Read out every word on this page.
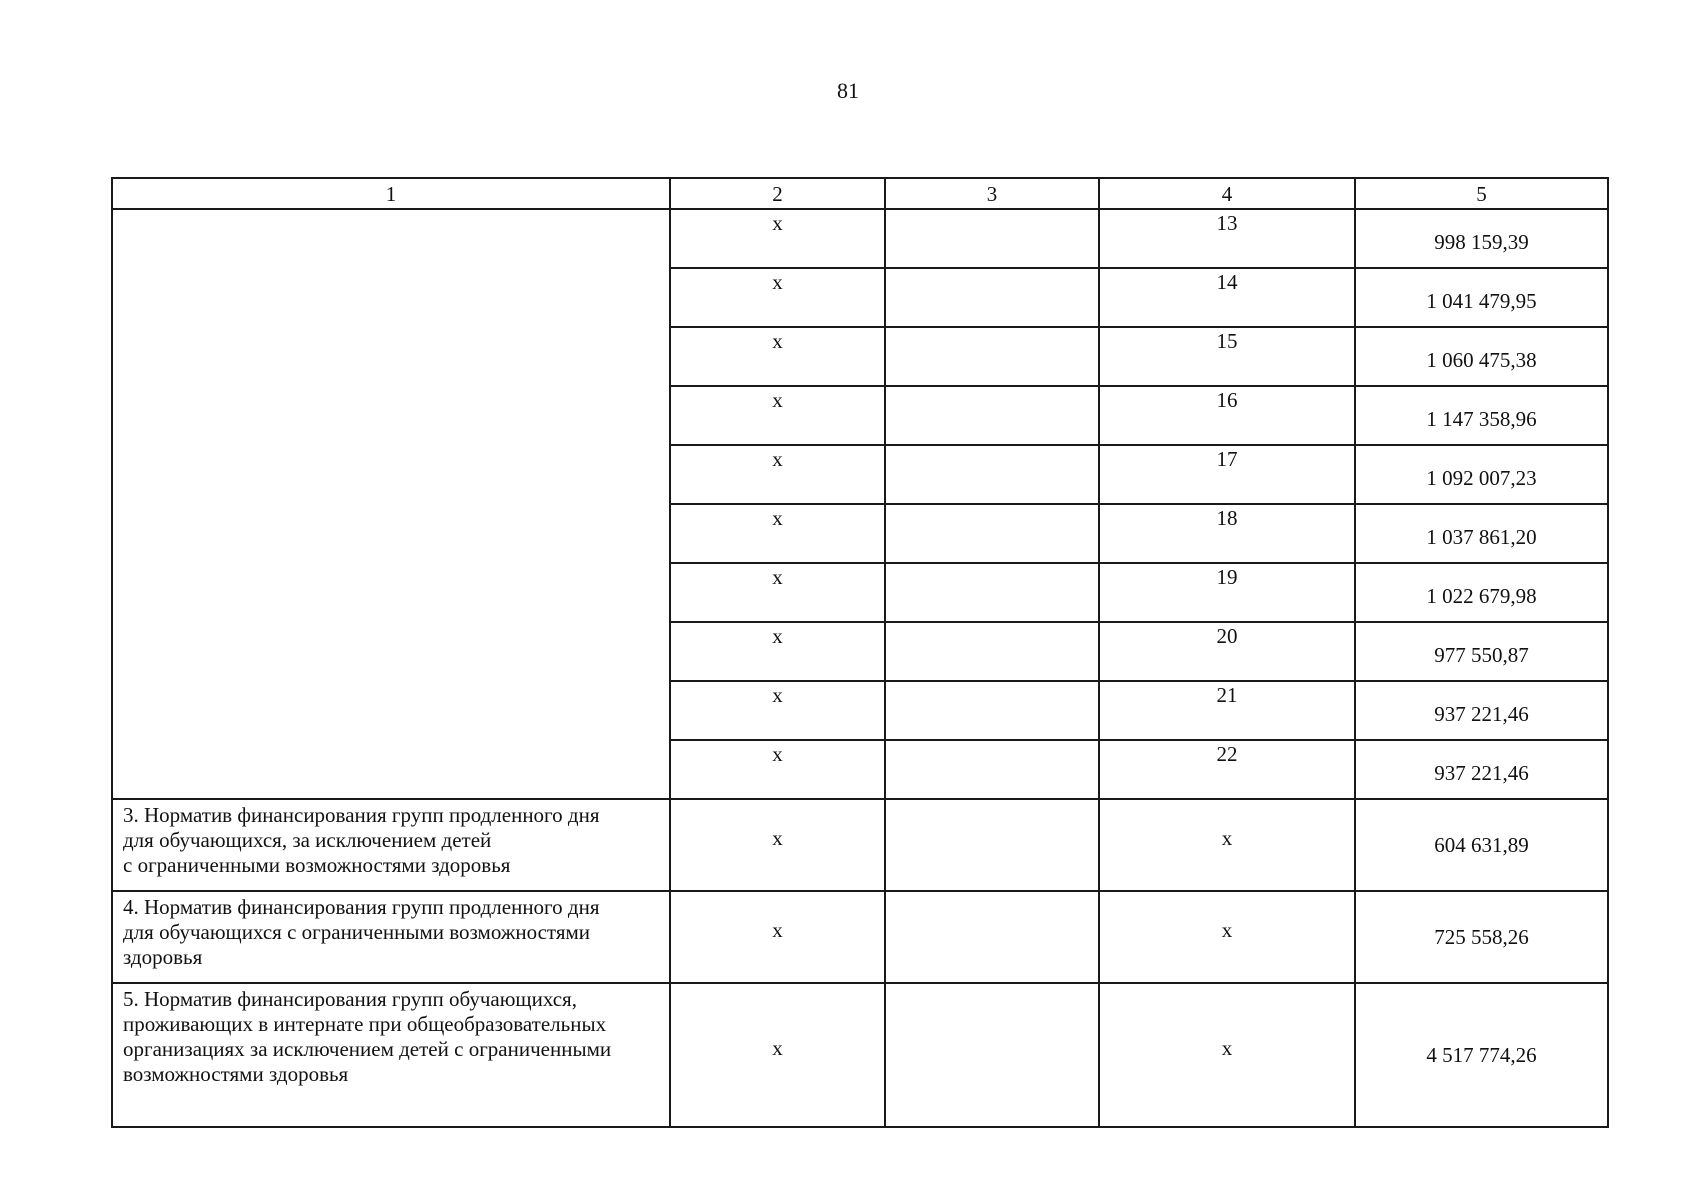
81
1	2	3	4	5
	х		13	998 159,39
	х		14	1 041 479,95
	х		15	1 060 475,38
	х		16	1 147 358,96
	х		17	1 092 007,23
	х		18	1 037 861,20
	х		19	1 022 679,98
	х		20	977 550,87
	х		21	937 221,46
	х		22	937 221,46

3. Норматив финансирования групп продленного дня
для обучающихся, за исключением детей
с ограниченными возможностями здоровья	х		х	604 631,89

4. Норматив финансирования групп продленного дня
для обучающихся с ограниченными возможностями
здоровья	х		х	725 558,26

5. Норматив финансирования групп обучающихся,
проживающих в интернате при общеобразовательных
организациях за исключением детей с ограниченными
возможностями здоровья	х		х	4 517 774,26
